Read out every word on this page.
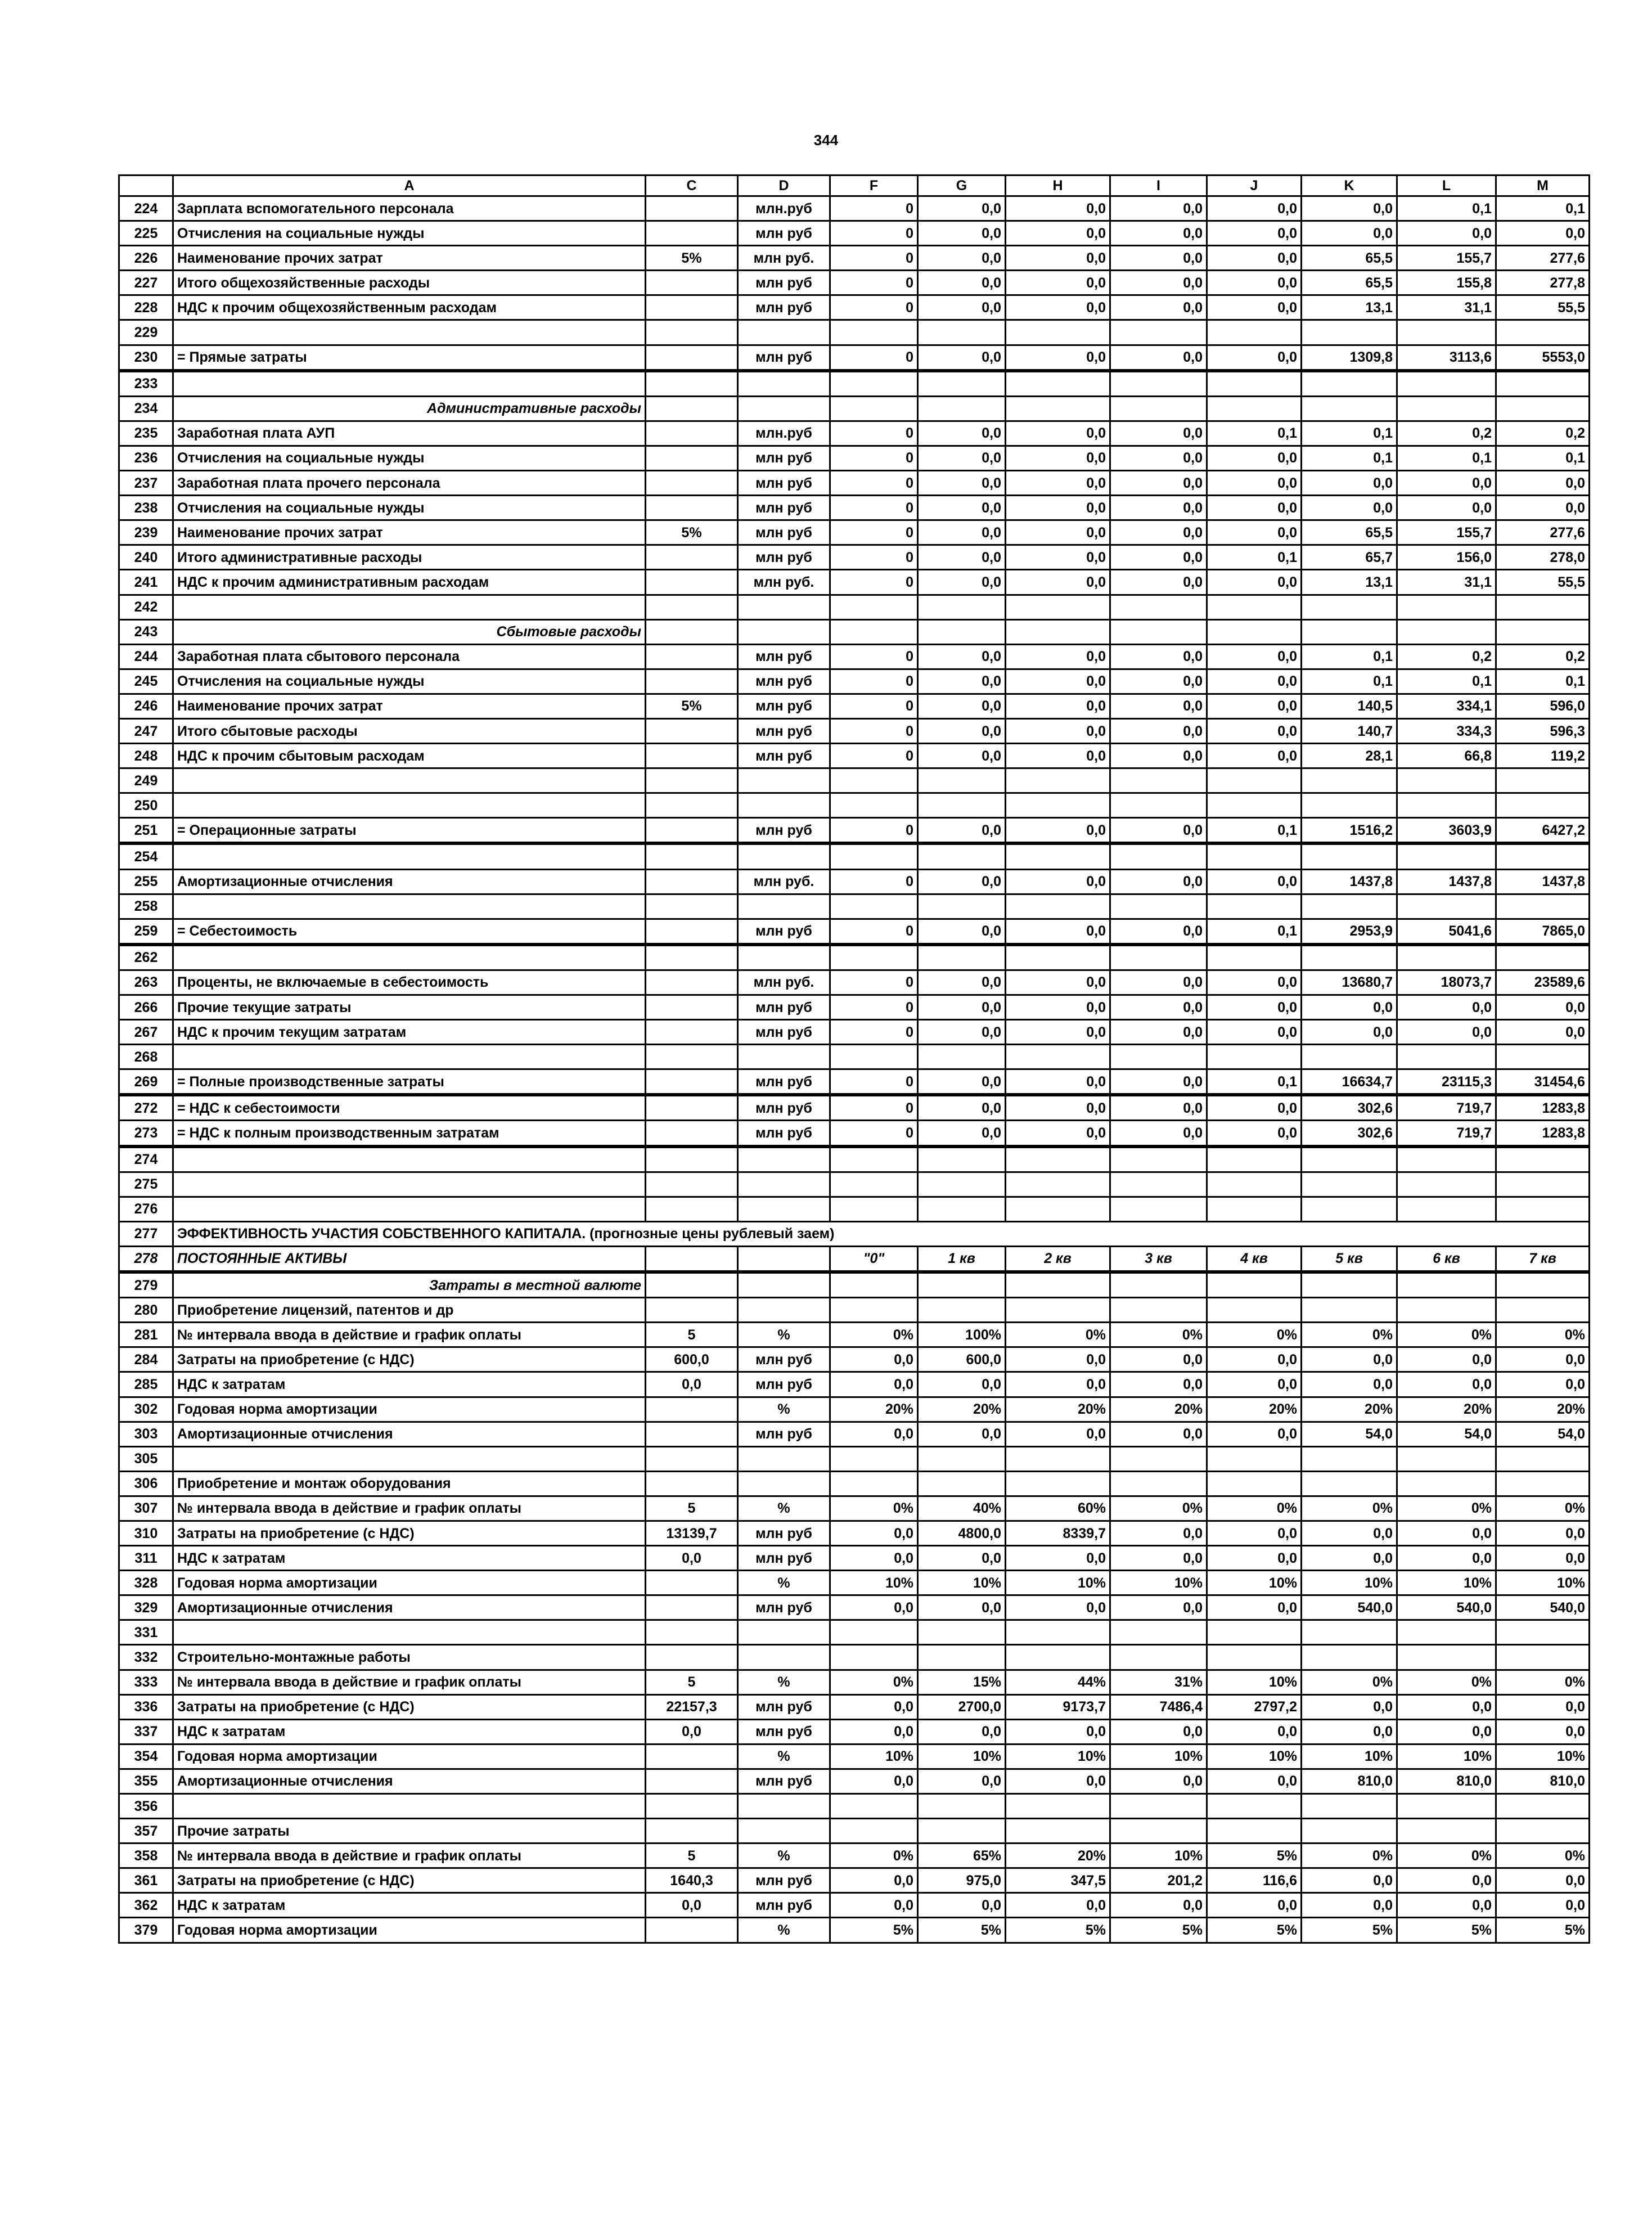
344
	A	C	D	F	G	H	I	J	K	L	M
224	Зарплата вспомогательного персонала		млн.руб	0	0,0	0,0	0,0	0,0	0,0	0,1	0,1
225	Отчисления на социальные нужды		млн руб	0	0,0	0,0	0,0	0,0	0,0	0,0	0,0
226	Наименование прочих затрат	5%	млн руб.	0	0,0	0,0	0,0	0,0	65,5	155,7	277,6
227	Итого общехозяйственные расходы		млн руб	0	0,0	0,0	0,0	0,0	65,5	155,8	277,8
228	НДС к прочим общехозяйственным расходам		млн руб	0	0,0	0,0	0,0	0,0	13,1	31,1	55,5
229											
230	= Прямые затраты		млн руб	0	0,0	0,0	0,0	0,0	1309,8	3113,6	5553,0
233											
234	Административные расходы										
235	Заработная плата АУП		млн.руб	0	0,0	0,0	0,0	0,1	0,1	0,2	0,2
236	Отчисления на социальные нужды		млн руб	0	0,0	0,0	0,0	0,0	0,1	0,1	0,1
237	Заработная плата прочего персонала		млн руб	0	0,0	0,0	0,0	0,0	0,0	0,0	0,0
238	Отчисления на социальные нужды		млн руб	0	0,0	0,0	0,0	0,0	0,0	0,0	0,0
239	Наименование прочих затрат	5%	млн руб	0	0,0	0,0	0,0	0,0	65,5	155,7	277,6
240	Итого административные расходы		млн руб	0	0,0	0,0	0,0	0,1	65,7	156,0	278,0
241	НДС к прочим административным расходам		млн руб.	0	0,0	0,0	0,0	0,0	13,1	31,1	55,5
242											
243	Сбытовые расходы										
244	Заработная плата сбытового персонала		млн руб	0	0,0	0,0	0,0	0,0	0,1	0,2	0,2
245	Отчисления на социальные нужды		млн руб	0	0,0	0,0	0,0	0,0	0,1	0,1	0,1
246	Наименование прочих затрат	5%	млн руб	0	0,0	0,0	0,0	0,0	140,5	334,1	596,0
247	Итого сбытовые расходы		млн руб	0	0,0	0,0	0,0	0,0	140,7	334,3	596,3
248	НДС к прочим сбытовым расходам		млн руб	0	0,0	0,0	0,0	0,0	28,1	66,8	119,2
249											
250											
251	= Операционные затраты		млн руб	0	0,0	0,0	0,0	0,1	1516,2	3603,9	6427,2
254											
255	Амортизационные отчисления		млн руб.	0	0,0	0,0	0,0	0,0	1437,8	1437,8	1437,8
258											
259	= Себестоимость		млн руб	0	0,0	0,0	0,0	0,1	2953,9	5041,6	7865,0
262											
263	Проценты, не включаемые в себестоимость		млн руб.	0	0,0	0,0	0,0	0,0	13680,7	18073,7	23589,6
266	Прочие текущие затраты		млн руб	0	0,0	0,0	0,0	0,0	0,0	0,0	0,0
267	НДС к прочим текущим затратам		млн руб	0	0,0	0,0	0,0	0,0	0,0	0,0	0,0
268											
269	= Полные производственные затраты		млн руб	0	0,0	0,0	0,0	0,1	16634,7	23115,3	31454,6
272	= НДС к себестоимости		млн руб	0	0,0	0,0	0,0	0,0	302,6	719,7	1283,8
273	= НДС к полным производственным затратам		млн руб	0	0,0	0,0	0,0	0,0	302,6	719,7	1283,8
274											
275											
276											
277	ЭФФЕКТИВНОСТЬ УЧАСТИЯ СОБСТВЕННОГО КАПИТАЛА. (прогнозные цены рублевый заем)										
278	ПОСТОЯННЫЕ АКТИВЫ			"0"	1 кв	2 кв	3 кв	4 кв	5 кв	6 кв	7 кв
279	Затраты в местной валюте										
280	Приобретение лицензий, патентов и др										
281	№ интервала ввода в действие и график оплаты	5	%	0%	100%	0%	0%	0%	0%	0%	0%
284	Затраты на приобретение (с НДС)	600,0	млн руб	0,0	600,0	0,0	0,0	0,0	0,0	0,0	0,0
285	НДС к затратам	0,0	млн руб	0,0	0,0	0,0	0,0	0,0	0,0	0,0	0,0
302	Годовая норма амортизации		%	20%	20%	20%	20%	20%	20%	20%	20%
303	Амортизационные отчисления		млн руб	0,0	0,0	0,0	0,0	0,0	54,0	54,0	54,0
305											
306	Приобретение и монтаж оборудования										
307	№ интервала ввода в действие и график оплаты	5	%	0%	40%	60%	0%	0%	0%	0%	0%
310	Затраты на приобретение (с НДС)	13139,7	млн руб	0,0	4800,0	8339,7	0,0	0,0	0,0	0,0	0,0
311	НДС к затратам	0,0	млн руб	0,0	0,0	0,0	0,0	0,0	0,0	0,0	0,0
328	Годовая норма амортизации		%	10%	10%	10%	10%	10%	10%	10%	10%
329	Амортизационные отчисления		млн руб	0,0	0,0	0,0	0,0	0,0	540,0	540,0	540,0
331											
332	Строительно-монтажные работы										
333	№ интервала ввода в действие и график оплаты	5	%	0%	15%	44%	31%	10%	0%	0%	0%
336	Затраты на приобретение (с НДС)	22157,3	млн руб	0,0	2700,0	9173,7	7486,4	2797,2	0,0	0,0	0,0
337	НДС к затратам	0,0	млн руб	0,0	0,0	0,0	0,0	0,0	0,0	0,0	0,0
354	Годовая норма амортизации		%	10%	10%	10%	10%	10%	10%	10%	10%
355	Амортизационные отчисления		млн руб	0,0	0,0	0,0	0,0	0,0	810,0	810,0	810,0
356											
357	Прочие затраты										
358	№ интервала ввода в действие и график оплаты	5	%	0%	65%	20%	10%	5%	0%	0%	0%
361	Затраты на приобретение (с НДС)	1640,3	млн руб	0,0	975,0	347,5	201,2	116,6	0,0	0,0	0,0
362	НДС к затратам	0,0	млн руб	0,0	0,0	0,0	0,0	0,0	0,0	0,0	0,0
379	Годовая норма амортизации		%	5%	5%	5%	5%	5%	5%	5%	5%
